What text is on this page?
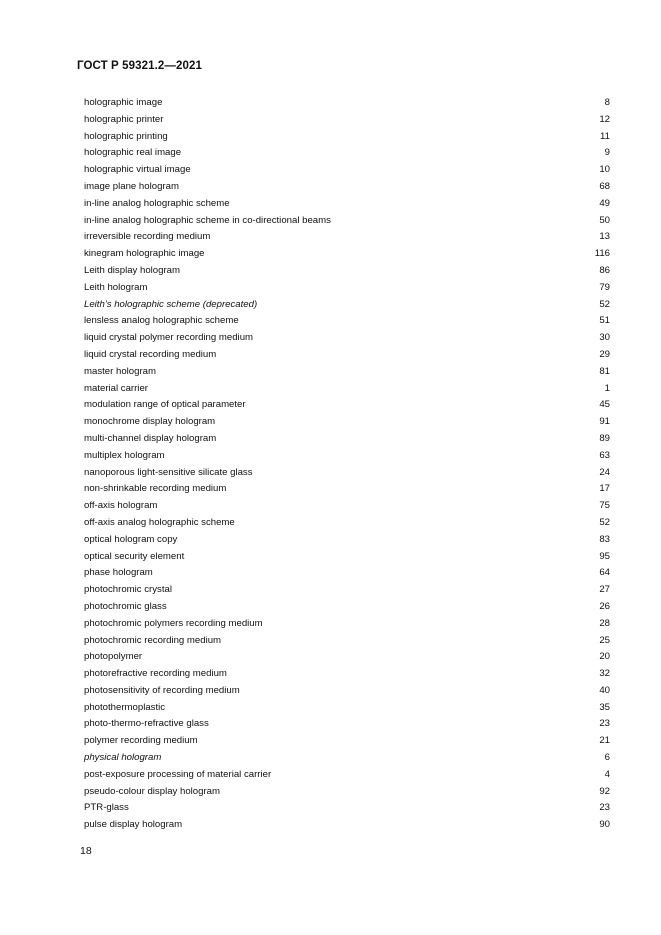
ГОСТ Р 59321.2—2021
holographic image	8
holographic printer	12
holographic printing	11
holographic real image	9
holographic virtual image	10
image plane hologram	68
in-line analog holographic scheme	49
in-line analog holographic scheme in co-directional beams	50
irreversible recording medium	13
kinegram holographic image	116
Leith display hologram	86
Leith hologram	79
Leith’s holographic scheme (deprecated)	52
lensless analog holographic scheme	51
liquid crystal polymer recording medium	30
liquid crystal recording medium	29
master hologram	81
material carrier	1
modulation range of optical parameter	45
monochrome display hologram	91
multi-channel display hologram	89
multiplex hologram	63
nanoporous light-sensitive silicate glass	24
non-shrinkable recording medium	17
off-axis hologram	75
off-axis analog holographic scheme	52
optical hologram copy	83
optical security element	95
phase hologram	64
photochromic crystal	27
photochromic glass	26
photochromic polymers recording medium	28
photochromic recording medium	25
photopolymer	20
photorefractive recording medium	32
photosensitivity of recording medium	40
photothermoplastic	35
photo-thermo-refractive glass	23
polymer recording medium	21
physical hologram	6
post-exposure processing of material carrier	4
pseudo-colour display hologram	92
PTR-glass	23
pulse display hologram	90
18
